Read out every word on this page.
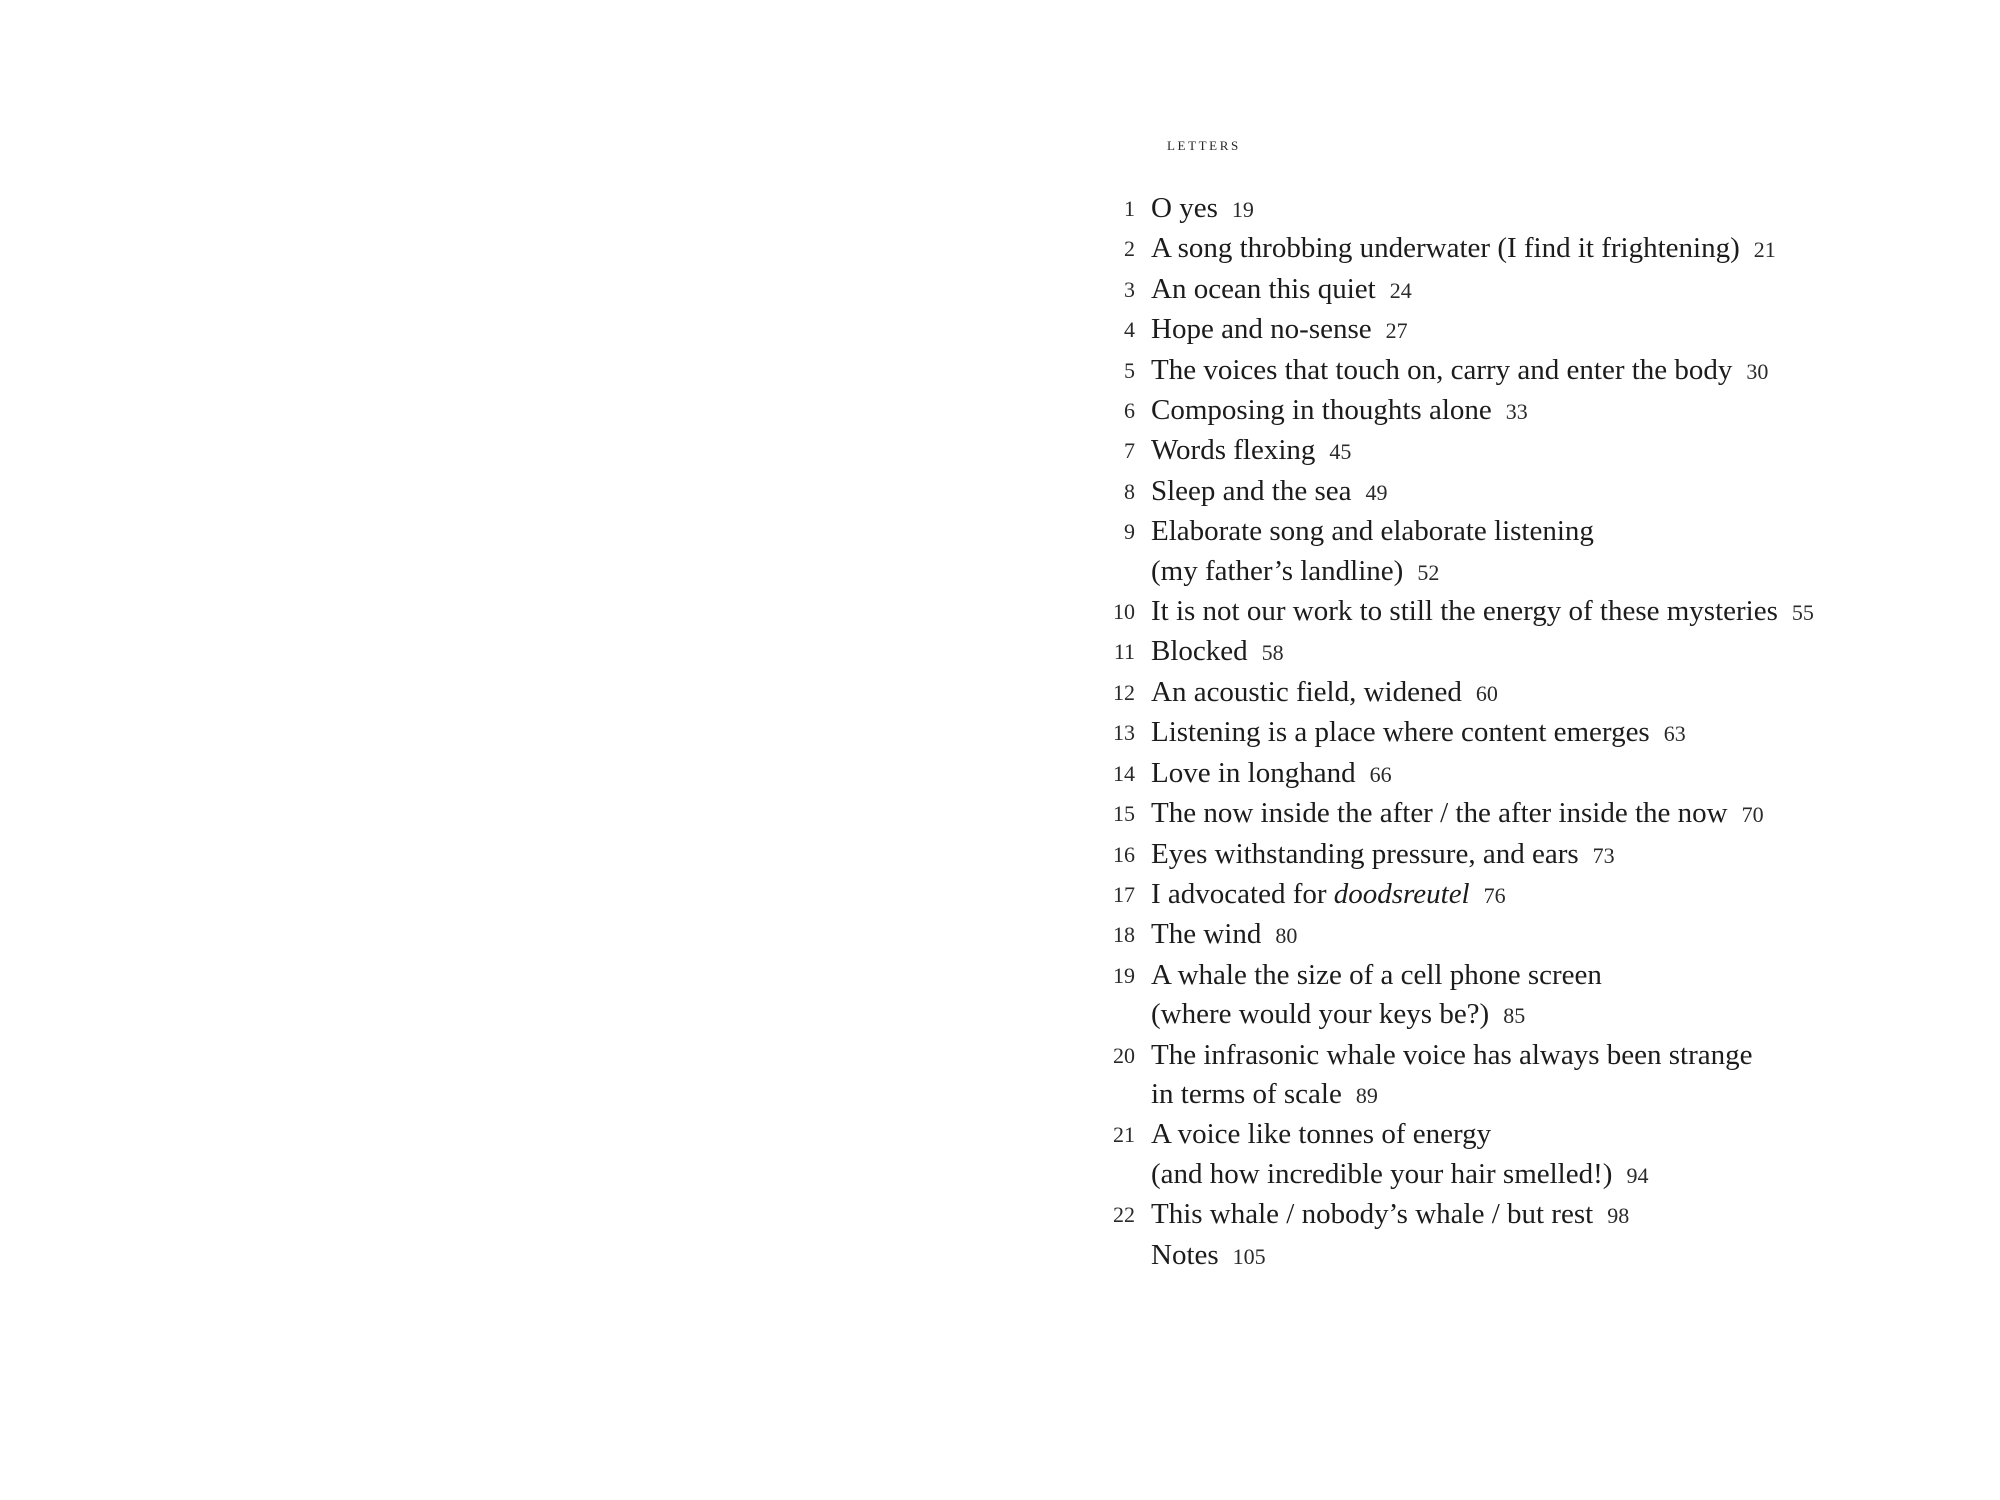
letters
1 O yes 19
2 A song throbbing underwater (I find it frightening) 21
3 An ocean this quiet 24
4 Hope and no-sense 27
5 The voices that touch on, carry and enter the body 30
6 Composing in thoughts alone 33
7 Words flexing 45
8 Sleep and the sea 49
9 Elaborate song and elaborate listening
(my father’s landline) 52
10 It is not our work to still the energy of these mysteries 55
11 Blocked 58
12 An acoustic field, widened 60
13 Listening is a place where content emerges 63
14 Love in longhand 66
15 The now inside the after / the after inside the now 70
16 Eyes withstanding pressure, and ears 73
17 I advocated for doodsreutel 76
18 The wind 80
19 A whale the size of a cell phone screen
(where would your keys be?) 85
20 The infrasonic whale voice has always been strange
in terms of scale 89
21 A voice like tonnes of energy
(and how incredible your hair smelled!) 94
22 This whale / nobody’s whale / but rest 98
Notes 105
